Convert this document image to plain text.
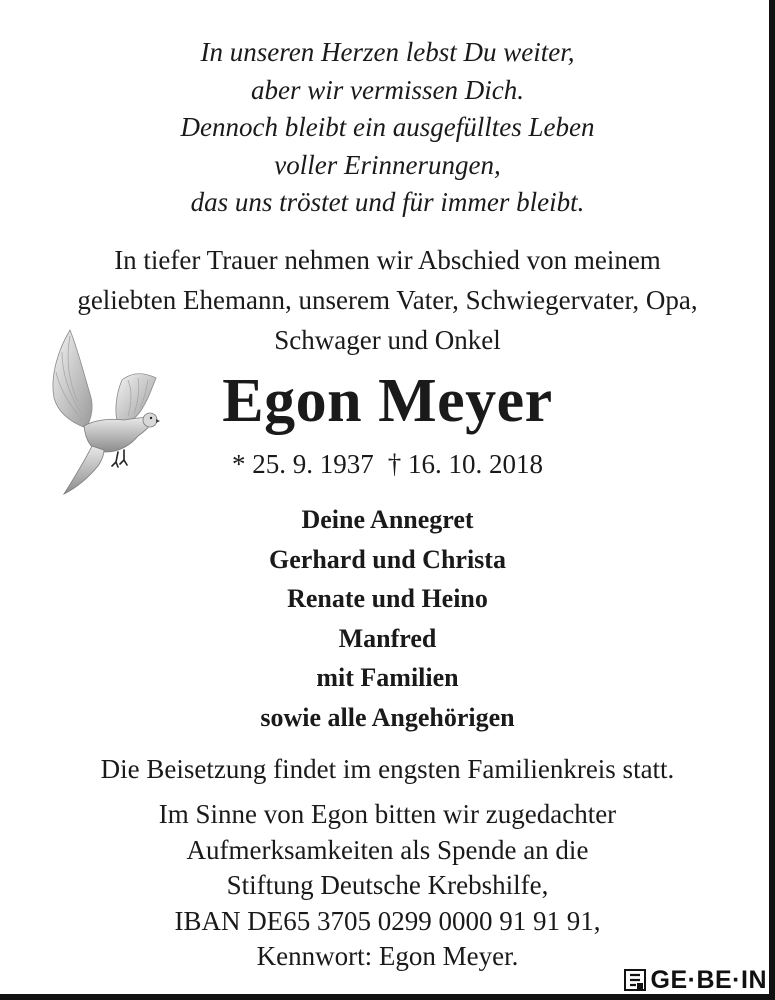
In unseren Herzen lebst Du weiter,
aber wir vermissen Dich.
Dennoch bleibt ein ausgefülltes Leben
voller Erinnerungen,
das uns tröstet und für immer bleibt.
In tiefer Trauer nehmen wir Abschied von meinem
geliebten Ehemann, unserem Vater, Schwiegervater, Opa,
Schwager und Onkel
Egon Meyer
* 25. 9. 1937 † 16. 10. 2018
Deine Annegret
Gerhard und Christa
Renate und Heino
Manfred
mit Familien
sowie alle Angehörigen
Die Beisetzung findet im engsten Familienkreis statt.
Im Sinne von Egon bitten wir zugedachter
Aufmerksamkeiten als Spende an die
Stiftung Deutsche Krebshilfe,
IBAN DE65 3705 0299 0000 91 91 91,
Kennwort: Egon Meyer.
GE·BE·IN
